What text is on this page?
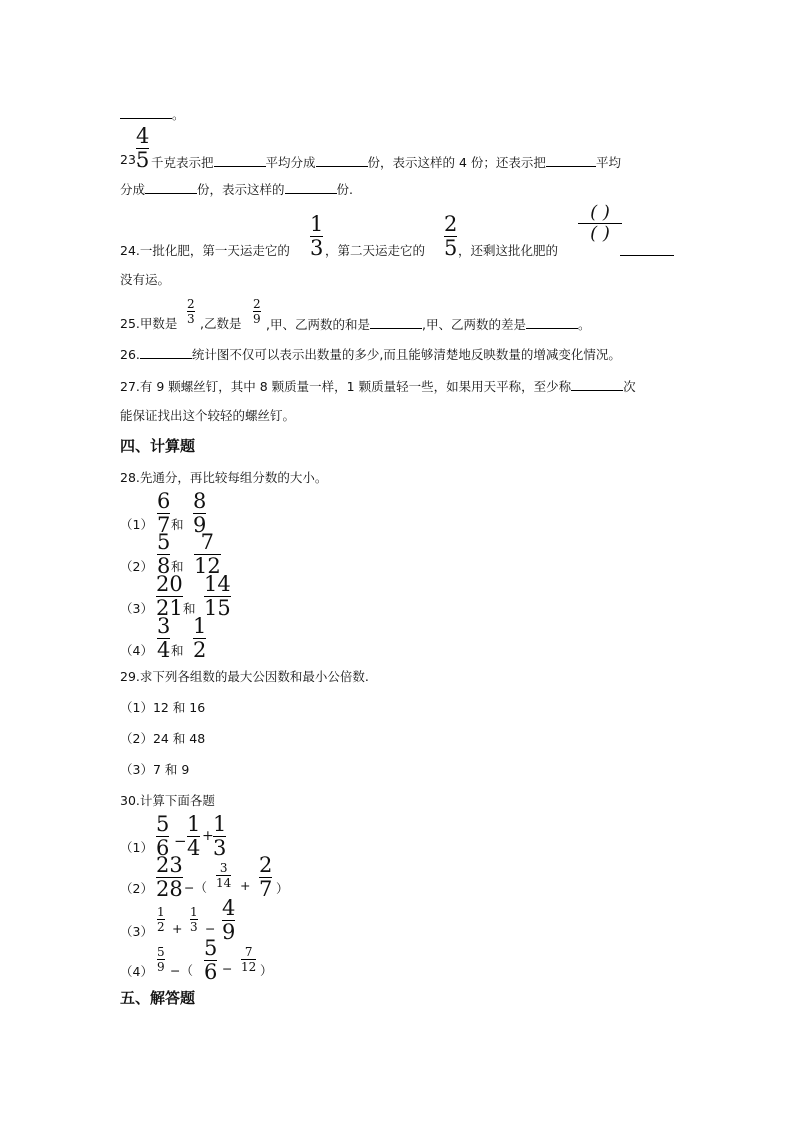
。
4
5
23. 千克表示把	平均分成	份，表示这样的 4 份；还表示把	平均
分成	份，表示这样的	份.
24.一批化肥，第一天运走它的
1
3 ，第二天运走它的
2
5 ，还剩这批化肥的
( )
( )
没有运。
25.甲数是
2
3 ,乙数是
2
9 ,甲、乙两数的和是	,甲、乙两数的差是	。
26.	统计图不仅可以表示出数量的多少,而且能够清楚地反映数量的增减变化情况。
27.有 9 颗螺丝钉，其中 8 颗质量一样，1 颗质量轻一些，如果用天平称，至少称	次
能保证找出这个较轻的螺丝钉。
四、计算题
28.先通分，再比较每组分数的大小。
（1）
6
7 和
8
9
（2）
5
8 和
7
12
（3）
20
21 和
14
15
（4）
3
4 和
1
2
29.求下列各组数的最大公因数和最小公倍数.
（1）12 和 16
（2）24 和 48
（3）7 和 9
30.计算下面各题
（1）
5
6 −
1
4 + 1
3
（2）
23
28 −（
3
14 +
2
7 ）
（3）
1
2 +
1
3 −
4
9
（4）
5
9 −（
5
6 −
7
12 ）
五、解答题
